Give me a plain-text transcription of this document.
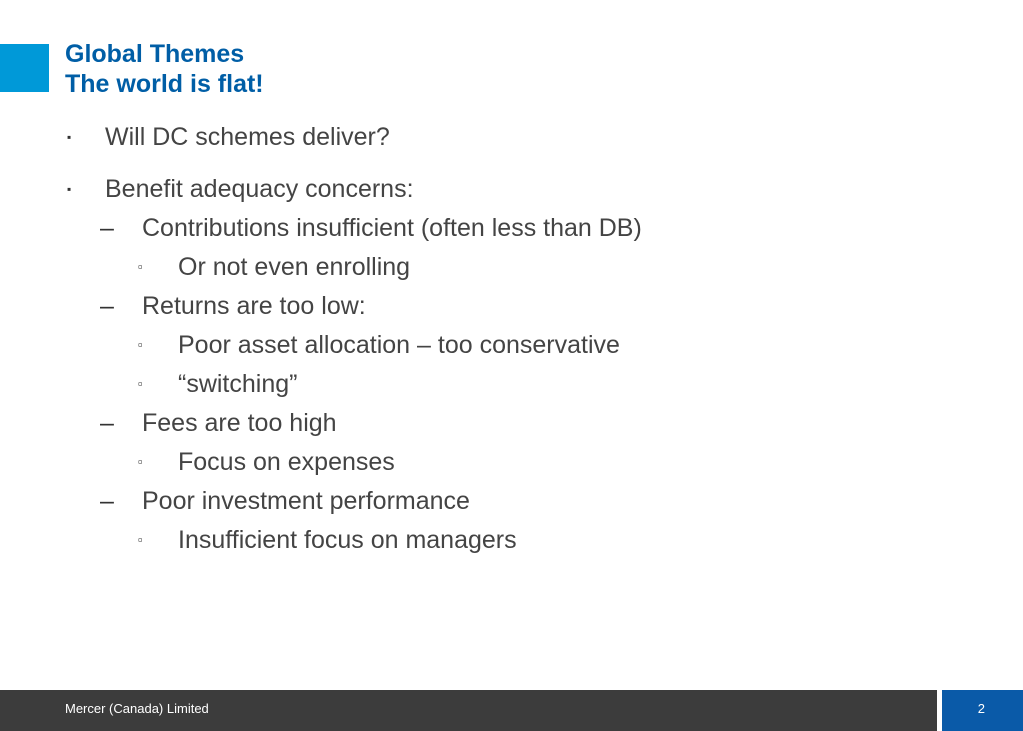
Global Themes
The world is flat!
▪ Will DC schemes deliver?
▪ Benefit adequacy concerns:
– Contributions insufficient (often less than DB)
▫ Or not even enrolling
– Returns are too low:
▫ Poor asset allocation – too conservative
▫ “switching”
– Fees are too high
▫ Focus on expenses
– Poor investment performance
▫ Insufficient focus on managers
Mercer (Canada) Limited	2
